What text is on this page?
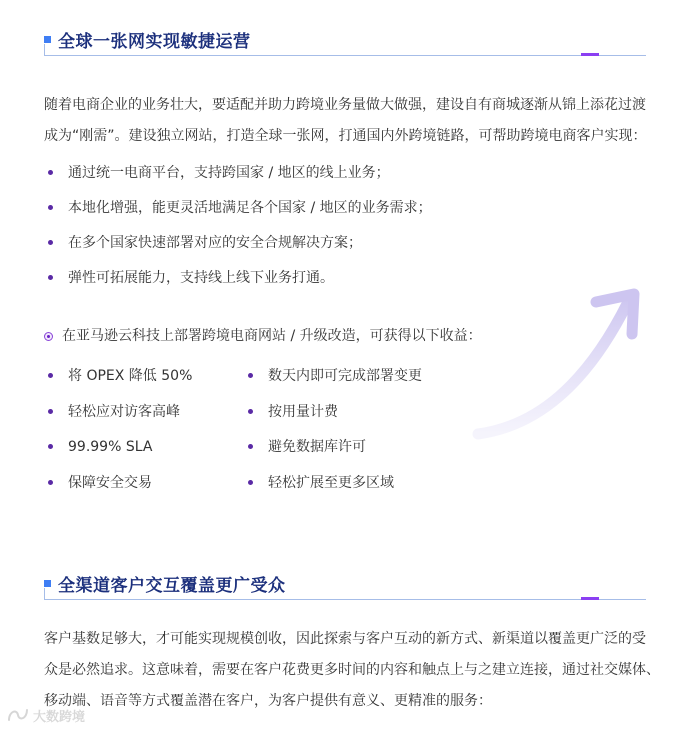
全球一张网实现敏捷运营
随着电商企业的业务壮大，要适配并助力跨境业务量做大做强，建设自有商城逐渐从锦上添花过渡
成为“刚需”。建设独立网站，打造全球一张网，打通国内外跨境链路，可帮助跨境电商客户实现：
通过统一电商平台，支持跨国家 / 地区的线上业务；
本地化增强，能更灵活地满足各个国家 / 地区的业务需求；
在多个国家快速部署对应的安全合规解决方案；
弹性可拓展能力，支持线上线下业务打通。
在亚马逊云科技上部署跨境电商网站 / 升级改造，可获得以下收益：
将 OPEX 降低 50%
轻松应对访客高峰
99.99% SLA
保障安全交易
数天内即可完成部署变更
按用量计费
避免数据库许可
轻松扩展至更多区域
全渠道客户交互覆盖更广受众
客户基数足够大，才可能实现规模创收，因此探索与客户互动的新方式、新渠道以覆盖更广泛的受
众是必然追求。这意味着，需要在客户花费更多时间的内容和触点上与之建立连接，通过社交媒体、
移动端、语音等方式覆盖潜在客户，为客户提供有意义、更精准的服务：
大数跨境
